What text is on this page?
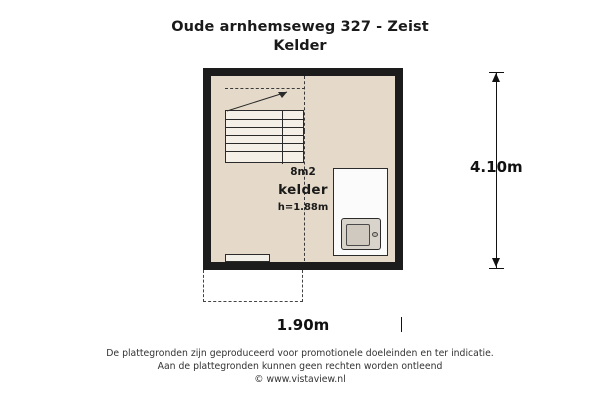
Oude arnhemseweg 327 - Zeist
Kelder
8m2
kelder
h=1.88m
4.10m
1.90m
De plattegronden zijn geproduceerd voor promotionele doeleinden en ter indicatie.
Aan de plattegronden kunnen geen rechten worden ontleend
© www.vistaview.nl
